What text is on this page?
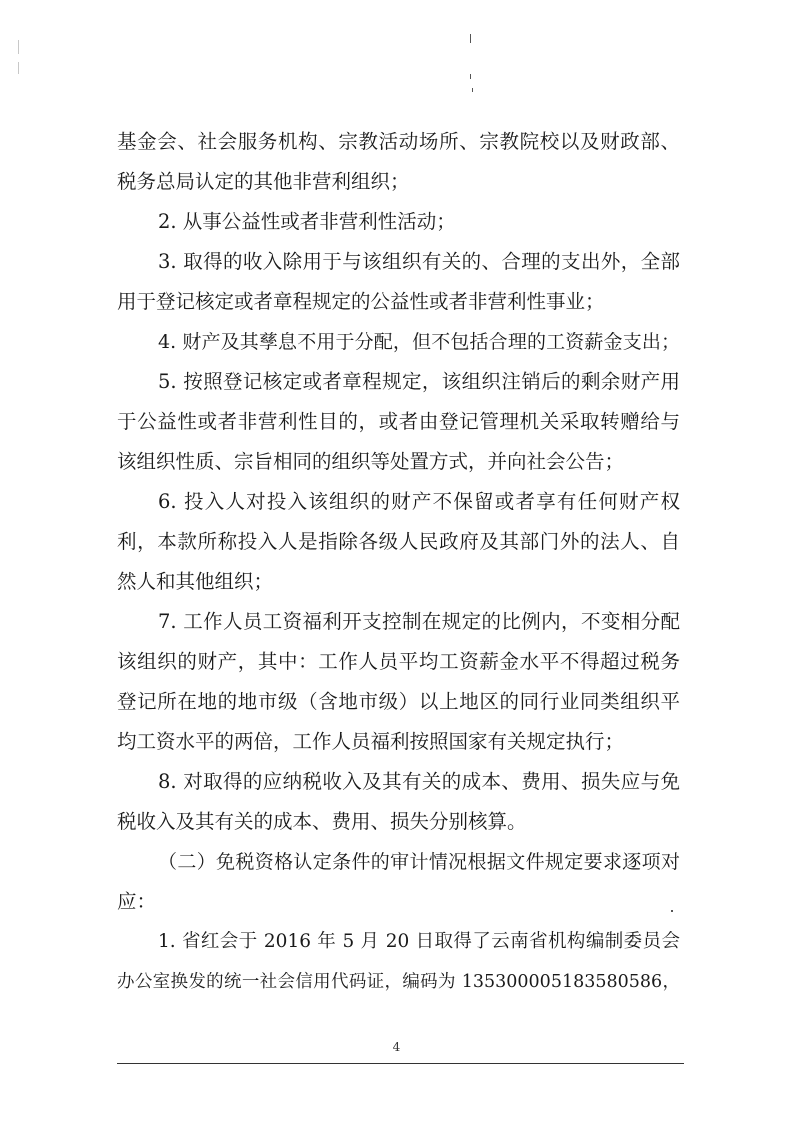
基金会、社会服务机构、宗教活动场所、宗教院校以及财政部、
税务总局认定的其他非营利组织；
2. 从事公益性或者非营利性活动；
3. 取得的收入除用于与该组织有关的、合理的支出外，全部
用于登记核定或者章程规定的公益性或者非营利性事业；
4. 财产及其孳息不用于分配，但不包括合理的工资薪金支出；
5. 按照登记核定或者章程规定，该组织注销后的剩余财产用
于公益性或者非营利性目的，或者由登记管理机关采取转赠给与
该组织性质、宗旨相同的组织等处置方式，并向社会公告；
6. 投入人对投入该组织的财产不保留或者享有任何财产权
利，本款所称投入人是指除各级人民政府及其部门外的法人、自
然人和其他组织；
7. 工作人员工资福利开支控制在规定的比例内，不变相分配
该组织的财产，其中：工作人员平均工资薪金水平不得超过税务
登记所在地的地市级（含地市级）以上地区的同行业同类组织平
均工资水平的两倍，工作人员福利按照国家有关规定执行；
8. 对取得的应纳税收入及其有关的成本、费用、损失应与免
税收入及其有关的成本、费用、损失分别核算。
（二）免税资格认定条件的审计情况根据文件规定要求逐项对
应：
1. 省红会于 2016 年 5 月 20 日取得了云南省机构编制委员会
办公室换发的统一社会信用代码证，编码为 135300005183580586，
4
